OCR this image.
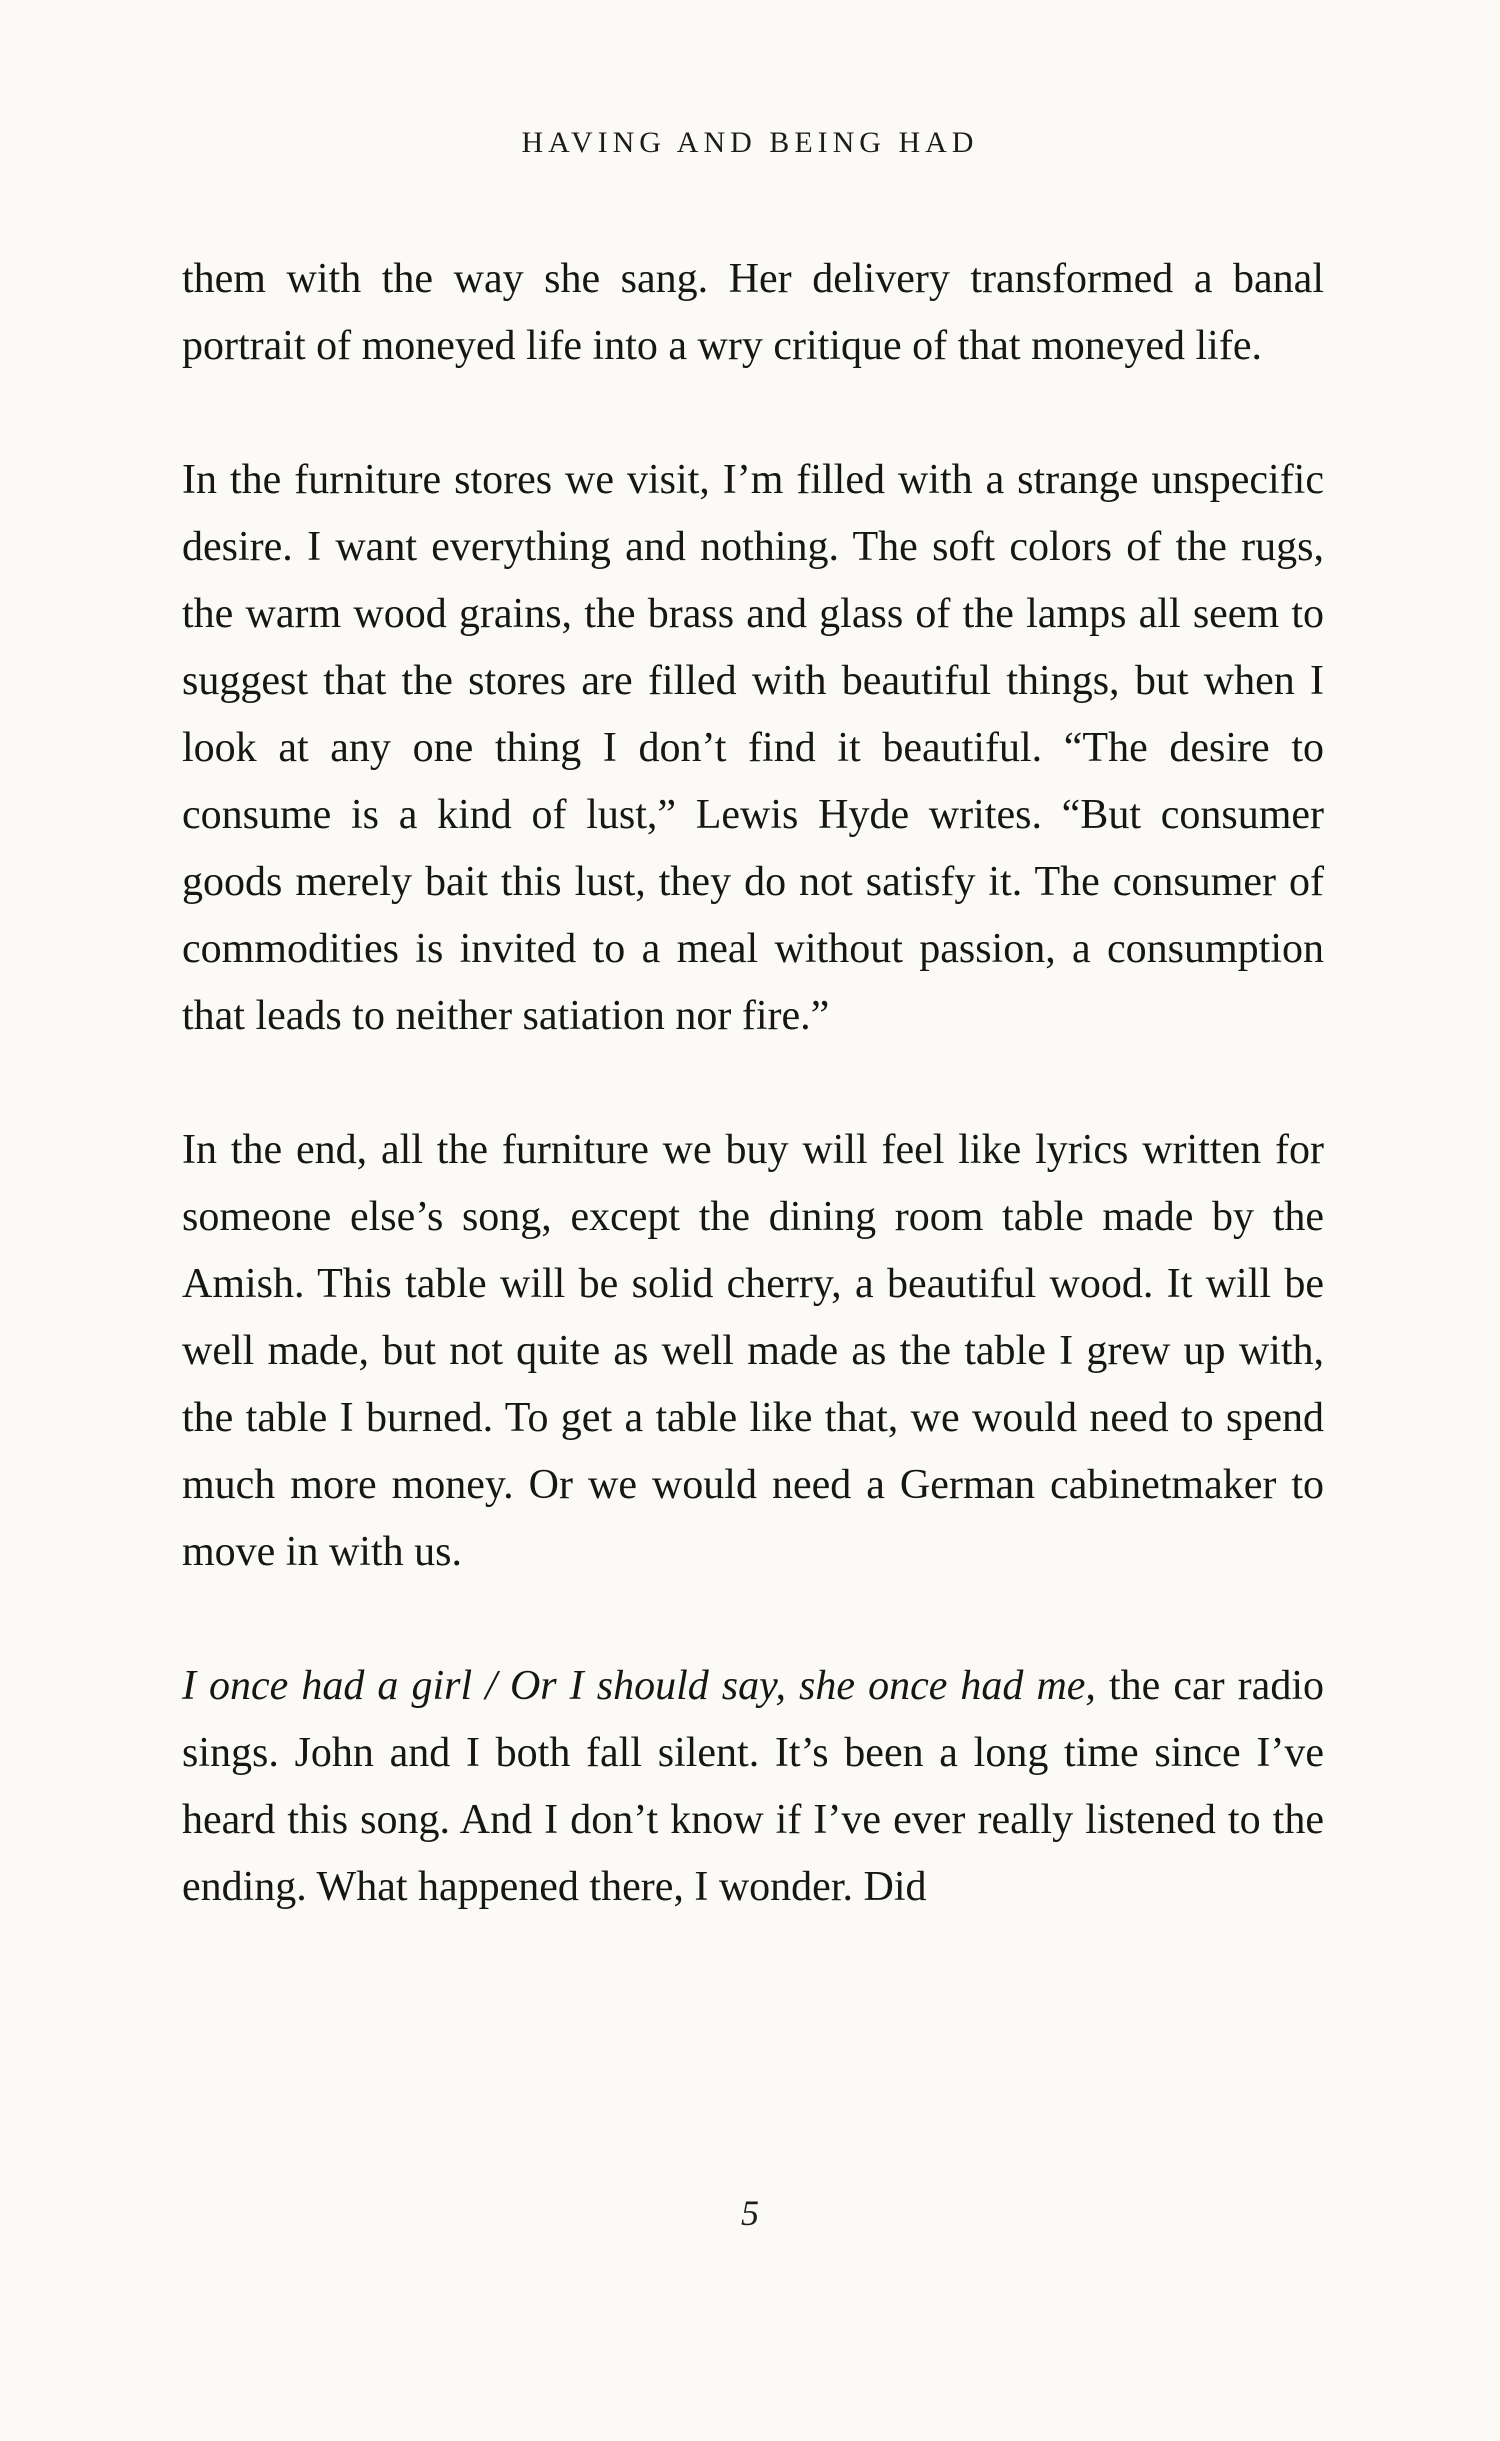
HAVING AND BEING HAD

them with the way she sang. Her delivery transformed a banal portrait of moneyed life into a wry critique of that moneyed life.

In the furniture stores we visit, I’m filled with a strange unspecific desire. I want everything and nothing. The soft colors of the rugs, the warm wood grains, the brass and glass of the lamps all seem to suggest that the stores are filled with beautiful things, but when I look at any one thing I don’t find it beautiful. “The desire to consume is a kind of lust,” Lewis Hyde writes. “But consumer goods merely bait this lust, they do not satisfy it. The consumer of commodities is invited to a meal without passion, a consumption that leads to neither satiation nor fire.”

In the end, all the furniture we buy will feel like lyrics written for someone else’s song, except the dining room table made by the Amish. This table will be solid cherry, a beautiful wood. It will be well made, but not quite as well made as the table I grew up with, the table I burned. To get a table like that, we would need to spend much more money. Or we would need a German cabinetmaker to move in with us.

I once had a girl / Or I should say, she once had me, the car radio sings. John and I both fall silent. It’s been a long time since I’ve heard this song. And I don’t know if I’ve ever really listened to the ending. What happened there, I wonder. Did

5
